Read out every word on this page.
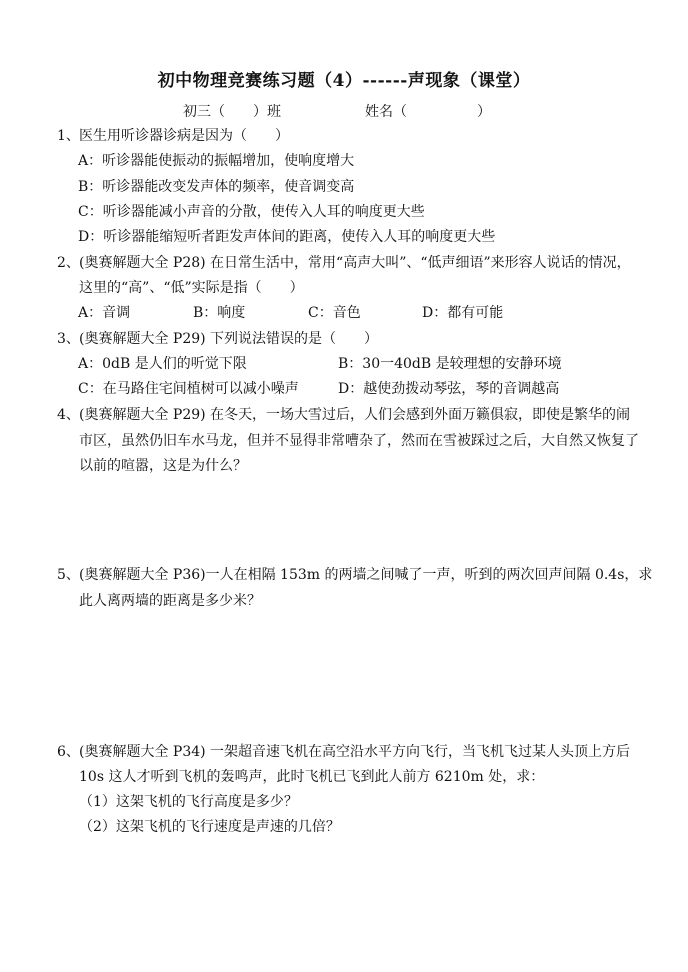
初中物理竞赛练习题（4）------声现象（课堂）
初三（　　）班	姓名（　　　　　）
1、 医生用听诊器诊病是因为（　　）
A：听诊器能使振动的振幅增加，使响度增大
B：听诊器能改变发声体的频率，使音调变高
C：听诊器能减小声音的分散，使传入人耳的响度更大些
D：听诊器能缩短听者距发声体间的距离，使传入人耳的响度更大些
2、 (奥赛解题大全 P28) 在日常生活中，常用“高声大叫”、“低声细语”来形容人说话的情况，
这里的“高”、“低”实际是指（　　）
A：音调	B：响度	C：音色	D：都有可能
3、 (奥赛解题大全 P29) 下列说法错误的是（　　）
A：0dB 是人们的听觉下限	B：30一40dB 是较理想的安静环境
C：在马路住宅间植树可以减小噪声	D：越使劲拨动琴弦，琴的音调越高
4、 (奥赛解题大全 P29) 在冬天，一场大雪过后，人们会感到外面万籁俱寂，即使是繁华的闹
市区，虽然仍旧车水马龙，但并不显得非常嘈杂了，然而在雪被踩过之后，大自然又恢复了
以前的喧嚣，这是为什么？
5、 (奥赛解题大全 P36)一人在相隔 153m 的两墙之间喊了一声，听到的两次回声间隔 0.4s，求
此人离两墙的距离是多少米？
6、 (奥赛解题大全 P34) 一架超音速飞机在高空沿水平方向飞行，当飞机飞过某人头顶上方后
10s 这人才听到飞机的轰鸣声，此时飞机已飞到此人前方 6210m 处，求：
（1）这架飞机的飞行高度是多少？
（2）这架飞机的飞行速度是声速的几倍？
